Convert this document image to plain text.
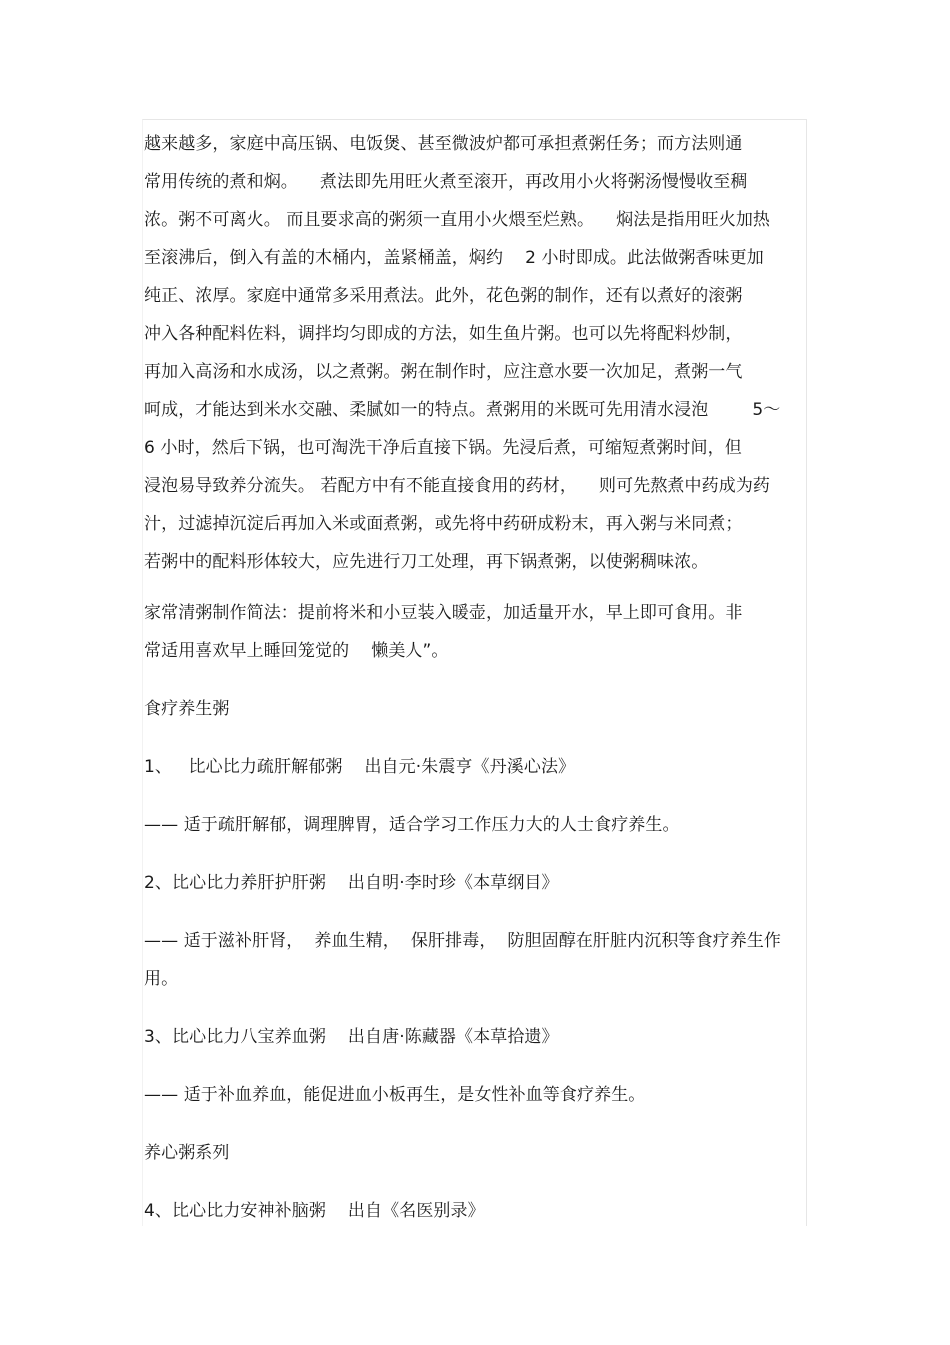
越来越多，家庭中高压锅、电饭煲、甚至微波炉都可承担煮粥任务；而方法则通
常用传统的煮和焖。    煮法即先用旺火煮至滚开，再改用小火将粥汤慢慢收至稠
浓。粥不可离火。 而且要求高的粥须一直用小火煨至烂熟。    焖法是指用旺火加热
至滚沸后，倒入有盖的木桶内，盖紧桶盖，焖约    2 小时即成。此法做粥香味更加
纯正、浓厚。家庭中通常多采用煮法。此外，花色粥的制作，还有以煮好的滚粥
冲入各种配料佐料，调拌均匀即成的方法，如生鱼片粥。也可以先将配料炒制，
再加入高汤和水成汤，以之煮粥。粥在制作时，应注意水要一次加足，煮粥一气
呵成，才能达到米水交融、柔腻如一的特点。煮粥用的米既可先用清水浸泡        5～
6 小时，然后下锅，也可淘洗干净后直接下锅。先浸后煮，可缩短煮粥时间，但
浸泡易导致养分流失。 若配方中有不能直接食用的药材，    则可先熬煮中药成为药
汁，过滤掉沉淀后再加入米或面煮粥，或先将中药研成粉末，再入粥与米同煮；
若粥中的配料形体较大，应先进行刀工处理，再下锅煮粥，以使粥稠味浓。
家常清粥制作简法：提前将米和小豆装入暖壶，加适量开水，早上即可食用。非
常适用喜欢早上睡回笼觉的    懒美人”。
食疗养生粥
1、   比心比力疏肝解郁粥    出自元·朱震亨《丹溪心法》
—— 适于疏肝解郁，调理脾胃，适合学习工作压力大的人士食疗养生。
2、比心比力养肝护肝粥    出自明·李时珍《本草纲目》
—— 适于滋补肝肾，  养血生精，  保肝排毒，  防胆固醇在肝脏内沉积等食疗养生作
用。
3、比心比力八宝养血粥    出自唐·陈藏器《本草拾遗》
—— 适于补血养血，能促进血小板再生，是女性补血等食疗养生。
养心粥系列
4、比心比力安神补脑粥    出自《名医别录》
